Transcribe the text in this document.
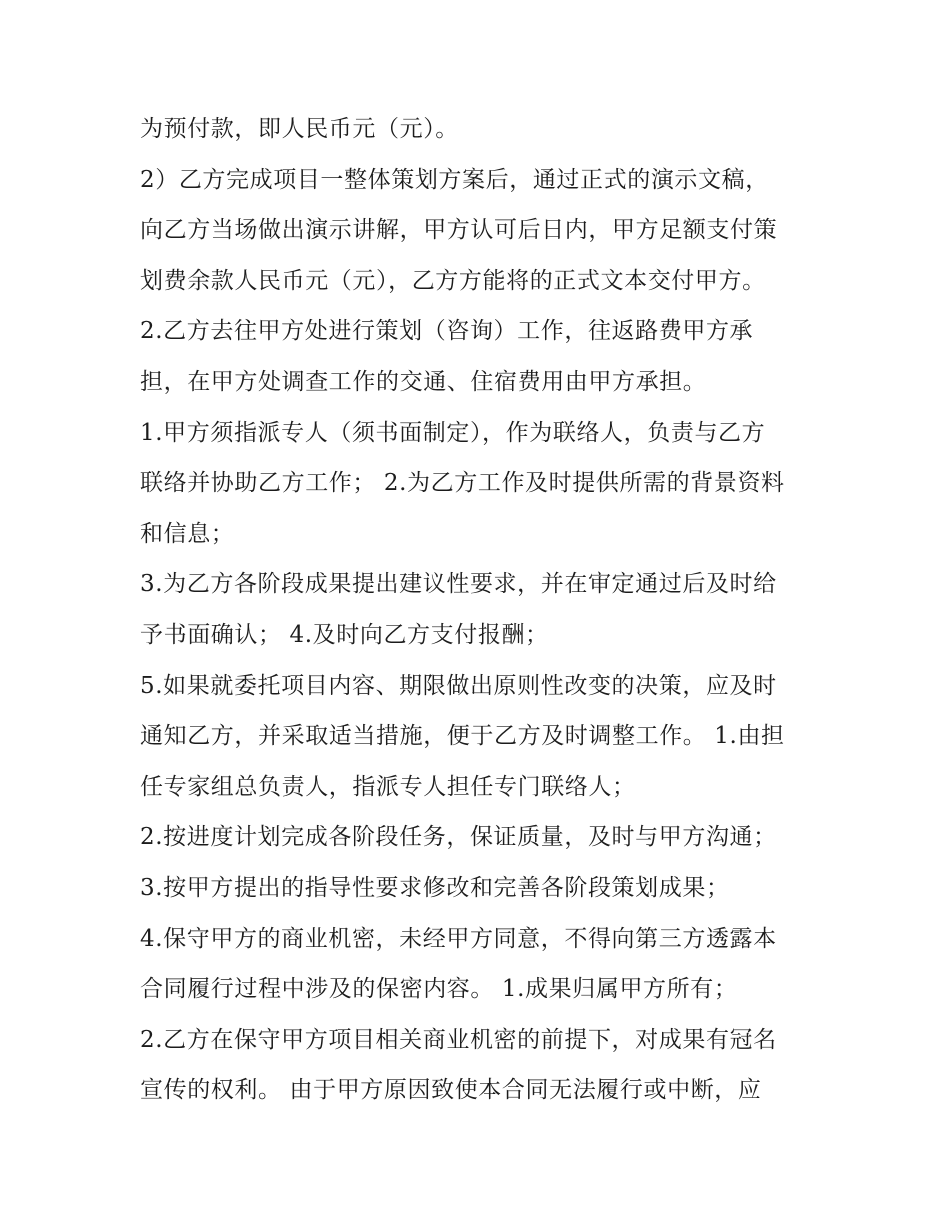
为预付款，即人民币元（元）。
2）乙方完成项目一整体策划方案后，通过正式的演示文稿，
向乙方当场做出演示讲解，甲方认可后日内，甲方足额支付策
划费余款人民币元（元），乙方方能将的正式文本交付甲方。
2.乙方去往甲方处进行策划（咨询）工作，往返路费甲方承
担，在甲方处调查工作的交通、住宿费用由甲方承担。
1.甲方须指派专人（须书面制定），作为联络人，负责与乙方
联络并协助乙方工作； 2.为乙方工作及时提供所需的背景资料
和信息；
3.为乙方各阶段成果提出建议性要求，并在审定通过后及时给
予书面确认； 4.及时向乙方支付报酬；
5.如果就委托项目内容、期限做出原则性改变的决策，应及时
通知乙方，并采取适当措施，便于乙方及时调整工作。 1.由担
任专家组总负责人，指派专人担任专门联络人；
2.按进度计划完成各阶段任务，保证质量，及时与甲方沟通；
3.按甲方提出的指导性要求修改和完善各阶段策划成果；
4.保守甲方的商业机密，未经甲方同意，不得向第三方透露本
合同履行过程中涉及的保密内容。 1.成果归属甲方所有；
2.乙方在保守甲方项目相关商业机密的前提下，对成果有冠名
宣传的权利。 由于甲方原因致使本合同无法履行或中断，应
